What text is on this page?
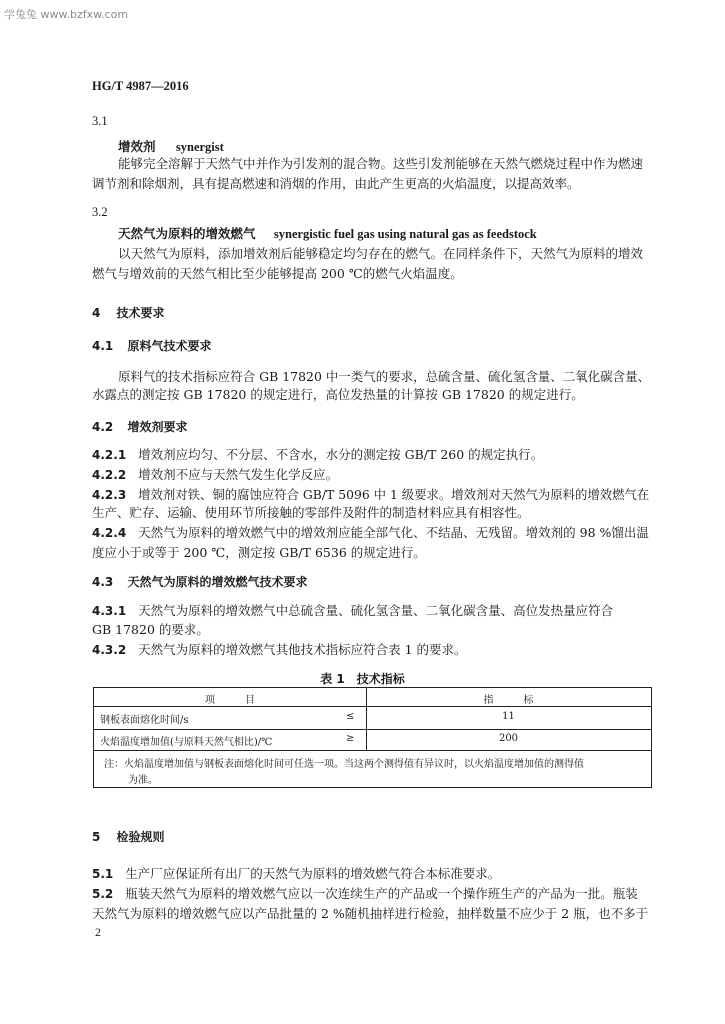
学兔兔 www.bzfxw.com
HG/T 4987—2016
3.1
增效剂 synergist
能够完全溶解于天然气中并作为引发剂的混合物。这些引发剂能够在天然气燃烧过程中作为燃速
调节剂和除烟剂，具有提高燃速和消烟的作用，由此产生更高的火焰温度，以提高效率。
3.2
天然气为原料的增效燃气 synergistic fuel gas using natural gas as feedstock
以天然气为原料，添加增效剂后能够稳定均匀存在的燃气。在同样条件下，天然气为原料的增效
燃气与增效前的天然气相比至少能够提高 200 ℃的燃气火焰温度。
4 技术要求
4.1 原料气技术要求
原料气的技术指标应符合 GB 17820 中一类气的要求，总硫含量、硫化氢含量、二氧化碳含量、
水露点的测定按 GB 17820 的规定进行，高位发热量的计算按 GB 17820 的规定进行。
4.2 增效剂要求
4.2.1 增效剂应均匀、不分层、不含水，水分的测定按 GB/T 260 的规定执行。
4.2.2 增效剂不应与天然气发生化学反应。
4.2.3 增效剂对铁、铜的腐蚀应符合 GB/T 5096 中 1 级要求。增效剂对天然气为原料的增效燃气在
生产、贮存、运输、使用环节所接触的零部件及附件的制造材料应具有相容性。
4.2.4 天然气为原料的增效燃气中的增效剂应能全部气化、不结晶、无残留。增效剂的 98 %馏出温
度应小于或等于 200 ℃，测定按 GB/T 6536 的规定进行。
4.3 天然气为原料的增效燃气技术要求
4.3.1 天然气为原料的增效燃气中总硫含量、硫化氢含量、二氧化碳含量、高位发热量应符合
GB 17820 的要求。
4.3.2 天然气为原料的增效燃气其他技术指标应符合表 1 的要求。
表 1　技术指标
项　　　目	指　　　标
钢板表面熔化时间/s	≤	11
火焰温度增加值(与原料天然气相比)/℃	≥	200
注：火焰温度增加值与钢板表面熔化时间可任选一项。当这两个测得值有异议时，以火焰温度增加值的测得值
为准。
5 检验规则
5.1 生产厂应保证所有出厂的天然气为原料的增效燃气符合本标准要求。
5.2 瓶装天然气为原料的增效燃气应以一次连续生产的产品或一个操作班生产的产品为一批。瓶装
天然气为原料的增效燃气应以产品批量的 2 %随机抽样进行检验，抽样数量不应少于 2 瓶，也不多于
2
